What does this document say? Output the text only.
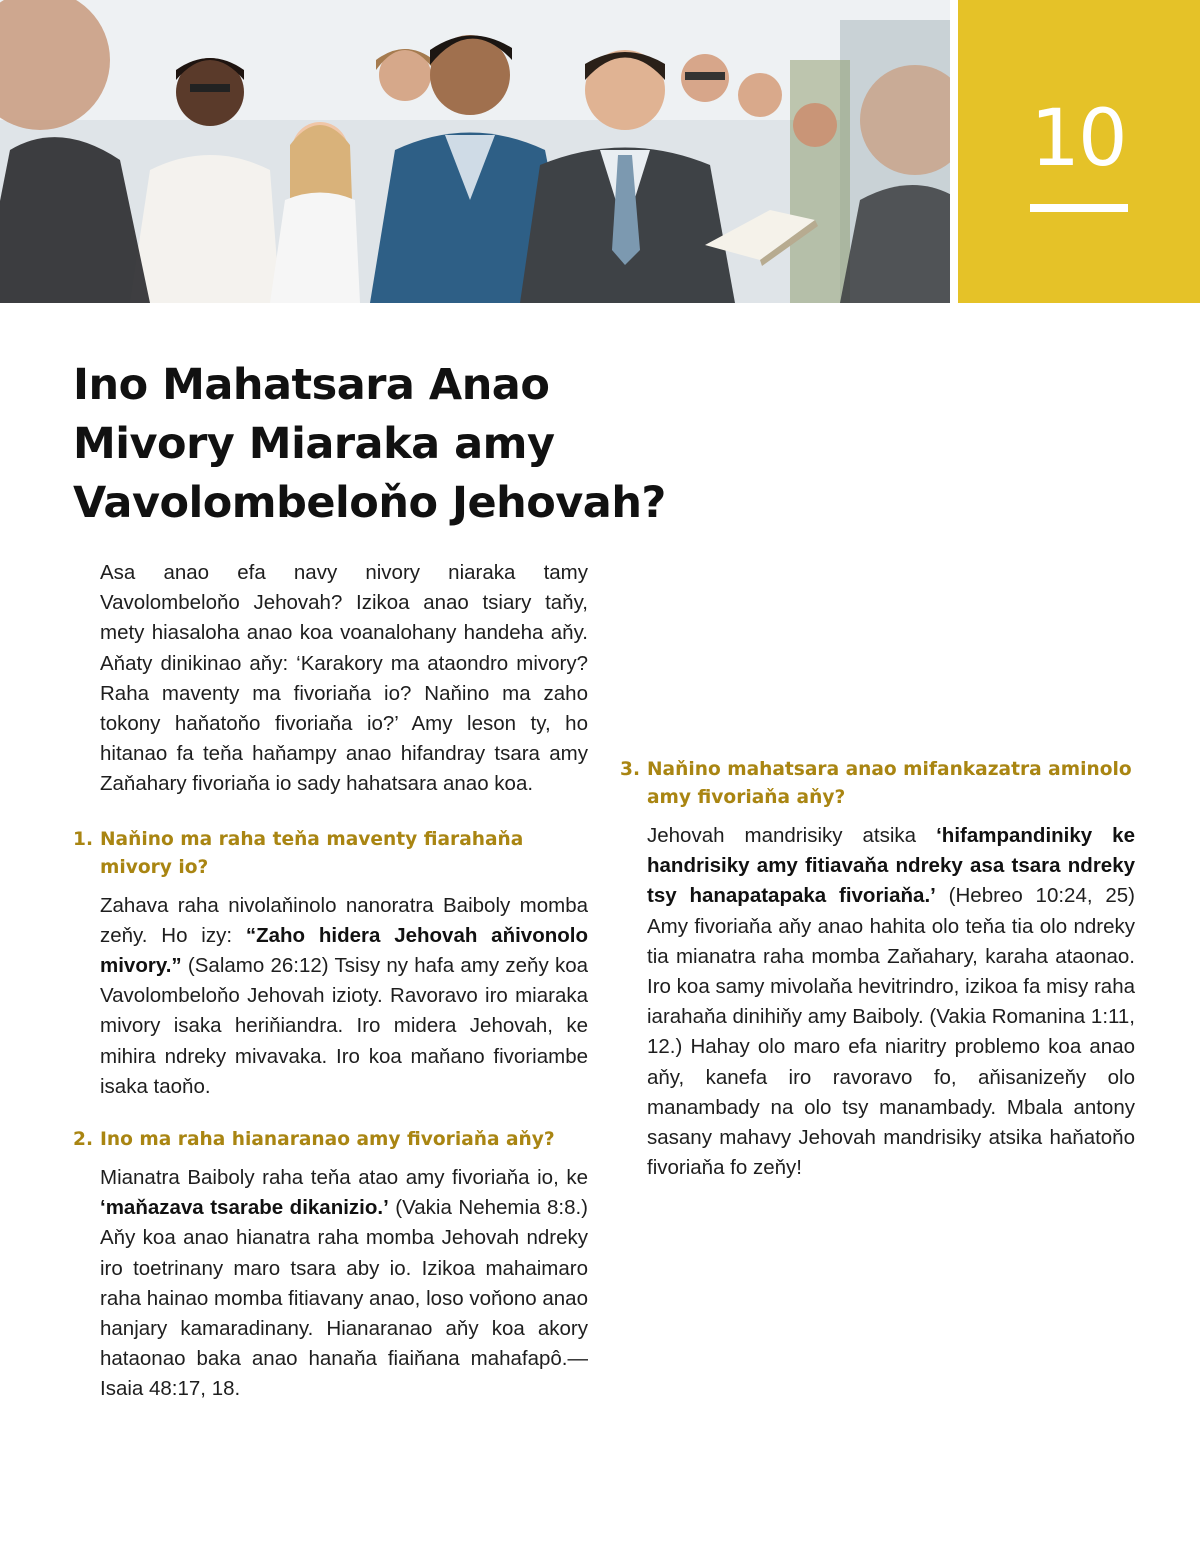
10
Ino Mahatsara Anao
Mivory Miaraka amy
Vavolombeloňo Jehovah?

Asa anao efa navy nivory niaraka tamy Vavolombeloňo Jehovah? Izikoa anao tsiary taňy, mety hiasaloha anao koa voanalohany handeha aňy. Aňaty dinikinao aňy: ‘Karakory ma ataondro mivory? Raha maventy ma fivoriaňa io? Naňino ma zaho tokony haňatoňo fivoriaňa io?’ Amy leson ty, ho hitanao fa teňa haňampy anao hifandray tsara amy Zaňahary fivoriaňa io sady hahatsara anao koa.

1. Naňino ma raha teňa maventy fiarahaňa mivory io?

Zahava raha nivolaňinolo nanoratra Baiboly momba zeňy. Ho izy: “Zaho hidera Jehovah aňivonolo mivory.” (Salamo 26:12) Tsisy ny hafa amy zeňy koa Vavolombeloňo Jehovah izioty. Ravoravo iro miaraka mivory isaka heriňiandra. Iro midera Jehovah, ke mihira ndreky mivavaka. Iro koa maňano fivoriambe isaka taoňo.

2. Ino ma raha hianaranao amy fivoriaňa aňy?

Mianatra Baiboly raha teňa atao amy fivoriaňa io, ke ‘maňazava tsarabe dikanizio.’ (Vakia Nehemia 8:8.) Aňy koa anao hianatra raha momba Jehovah ndreky iro toetrinany maro tsara aby io. Izikoa mahaimaro raha hainao momba fitiavany anao, loso voňono anao hanjary kamaradinany. Hianaranao aňy koa akory hataonao baka anao hanaňa fiaiňana mahafapô.—Isaia 48:17, 18.

3. Naňino mahatsara anao mifankazatra aminolo amy fivoriaňa aňy?

Jehovah mandrisiky atsika ‘hifampandiniky ke handrisiky amy fitiavaňa ndreky asa tsara ndreky tsy hanapatapaka fivoriaňa.’ (Hebreo 10:24, 25) Amy fivoriaňa aňy anao hahita olo teňa tia olo ndreky tia mianatra raha momba Zaňahary, karaha ataonao. Iro koa samy mivolaňa hevitrindro, izikoa fa misy raha iarahaňa dinihiňy amy Baiboly. (Vakia Romanina 1:11, 12.) Hahay olo maro efa niaritry problemo koa anao aňy, kanefa iro ravoravo fo, aňisanizeňy olo manambady na olo tsy manambady. Mbala antony sasany mahavy Jehovah mandrisiky atsika haňatoňo fivoriaňa fo zeňy!
